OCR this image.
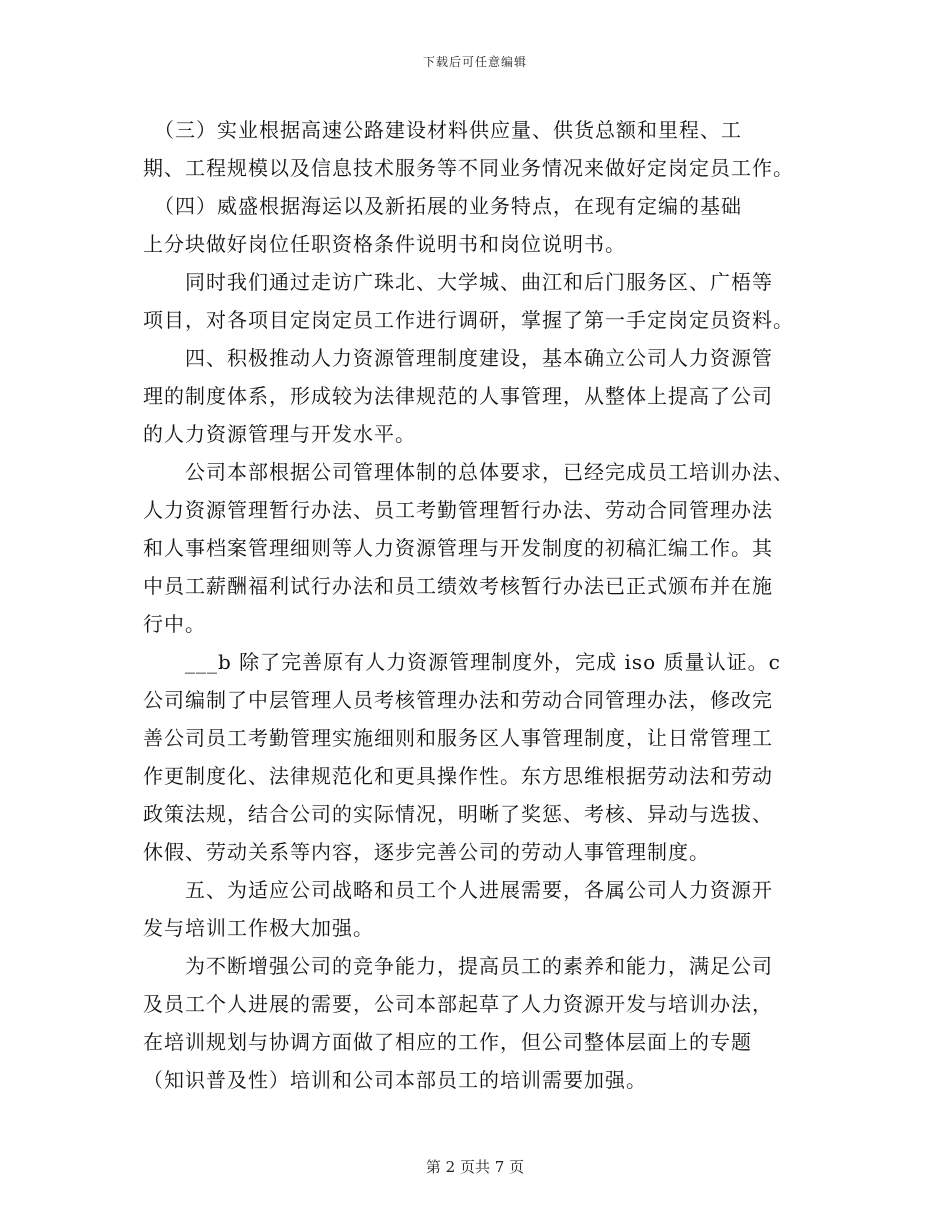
下载后可任意编辑

　（三）实业根据高速公路建设材料供应量、供货总额和里程、工
期、工程规模以及信息技术服务等不同业务情况来做好定岗定员工作。

　（四）威盛根据海运以及新拓展的业务特点，在现有定编的基础
上分块做好岗位任职资格条件说明书和岗位说明书。

　　同时我们通过走访广珠北、大学城、曲江和后门服务区、广梧等
项目，对各项目定岗定员工作进行调研，掌握了第一手定岗定员资料。

　　四、积极推动人力资源管理制度建设，基本确立公司人力资源管
理的制度体系，形成较为法律规范的人事管理，从整体上提高了公司
的人力资源管理与开发水平。

　　公司本部根据公司管理体制的总体要求，已经完成员工培训办法、
人力资源管理暂行办法、员工考勤管理暂行办法、劳动合同管理办法
和人事档案管理细则等人力资源管理与开发制度的初稿汇编工作。其
中员工薪酬福利试行办法和员工绩效考核暂行办法已正式颁布并在施
行中。

　　___b 除了完善原有人力资源管理制度外，完成 iso 质量认证。c
公司编制了中层管理人员考核管理办法和劳动合同管理办法，修改完
善公司员工考勤管理实施细则和服务区人事管理制度，让日常管理工
作更制度化、法律规范化和更具操作性。东方思维根据劳动法和劳动
政策法规，结合公司的实际情况，明晰了奖惩、考核、异动与选拔、
休假、劳动关系等内容，逐步完善公司的劳动人事管理制度。

　　五、为适应公司战略和员工个人进展需要，各属公司人力资源开
发与培训工作极大加强。

　　为不断增强公司的竞争能力，提高员工的素养和能力，满足公司
及员工个人进展的需要，公司本部起草了人力资源开发与培训办法，
在培训规划与协调方面做了相应的工作，但公司整体层面上的专题
（知识普及性）培训和公司本部员工的培训需要加强。

第 2 页共 7 页
